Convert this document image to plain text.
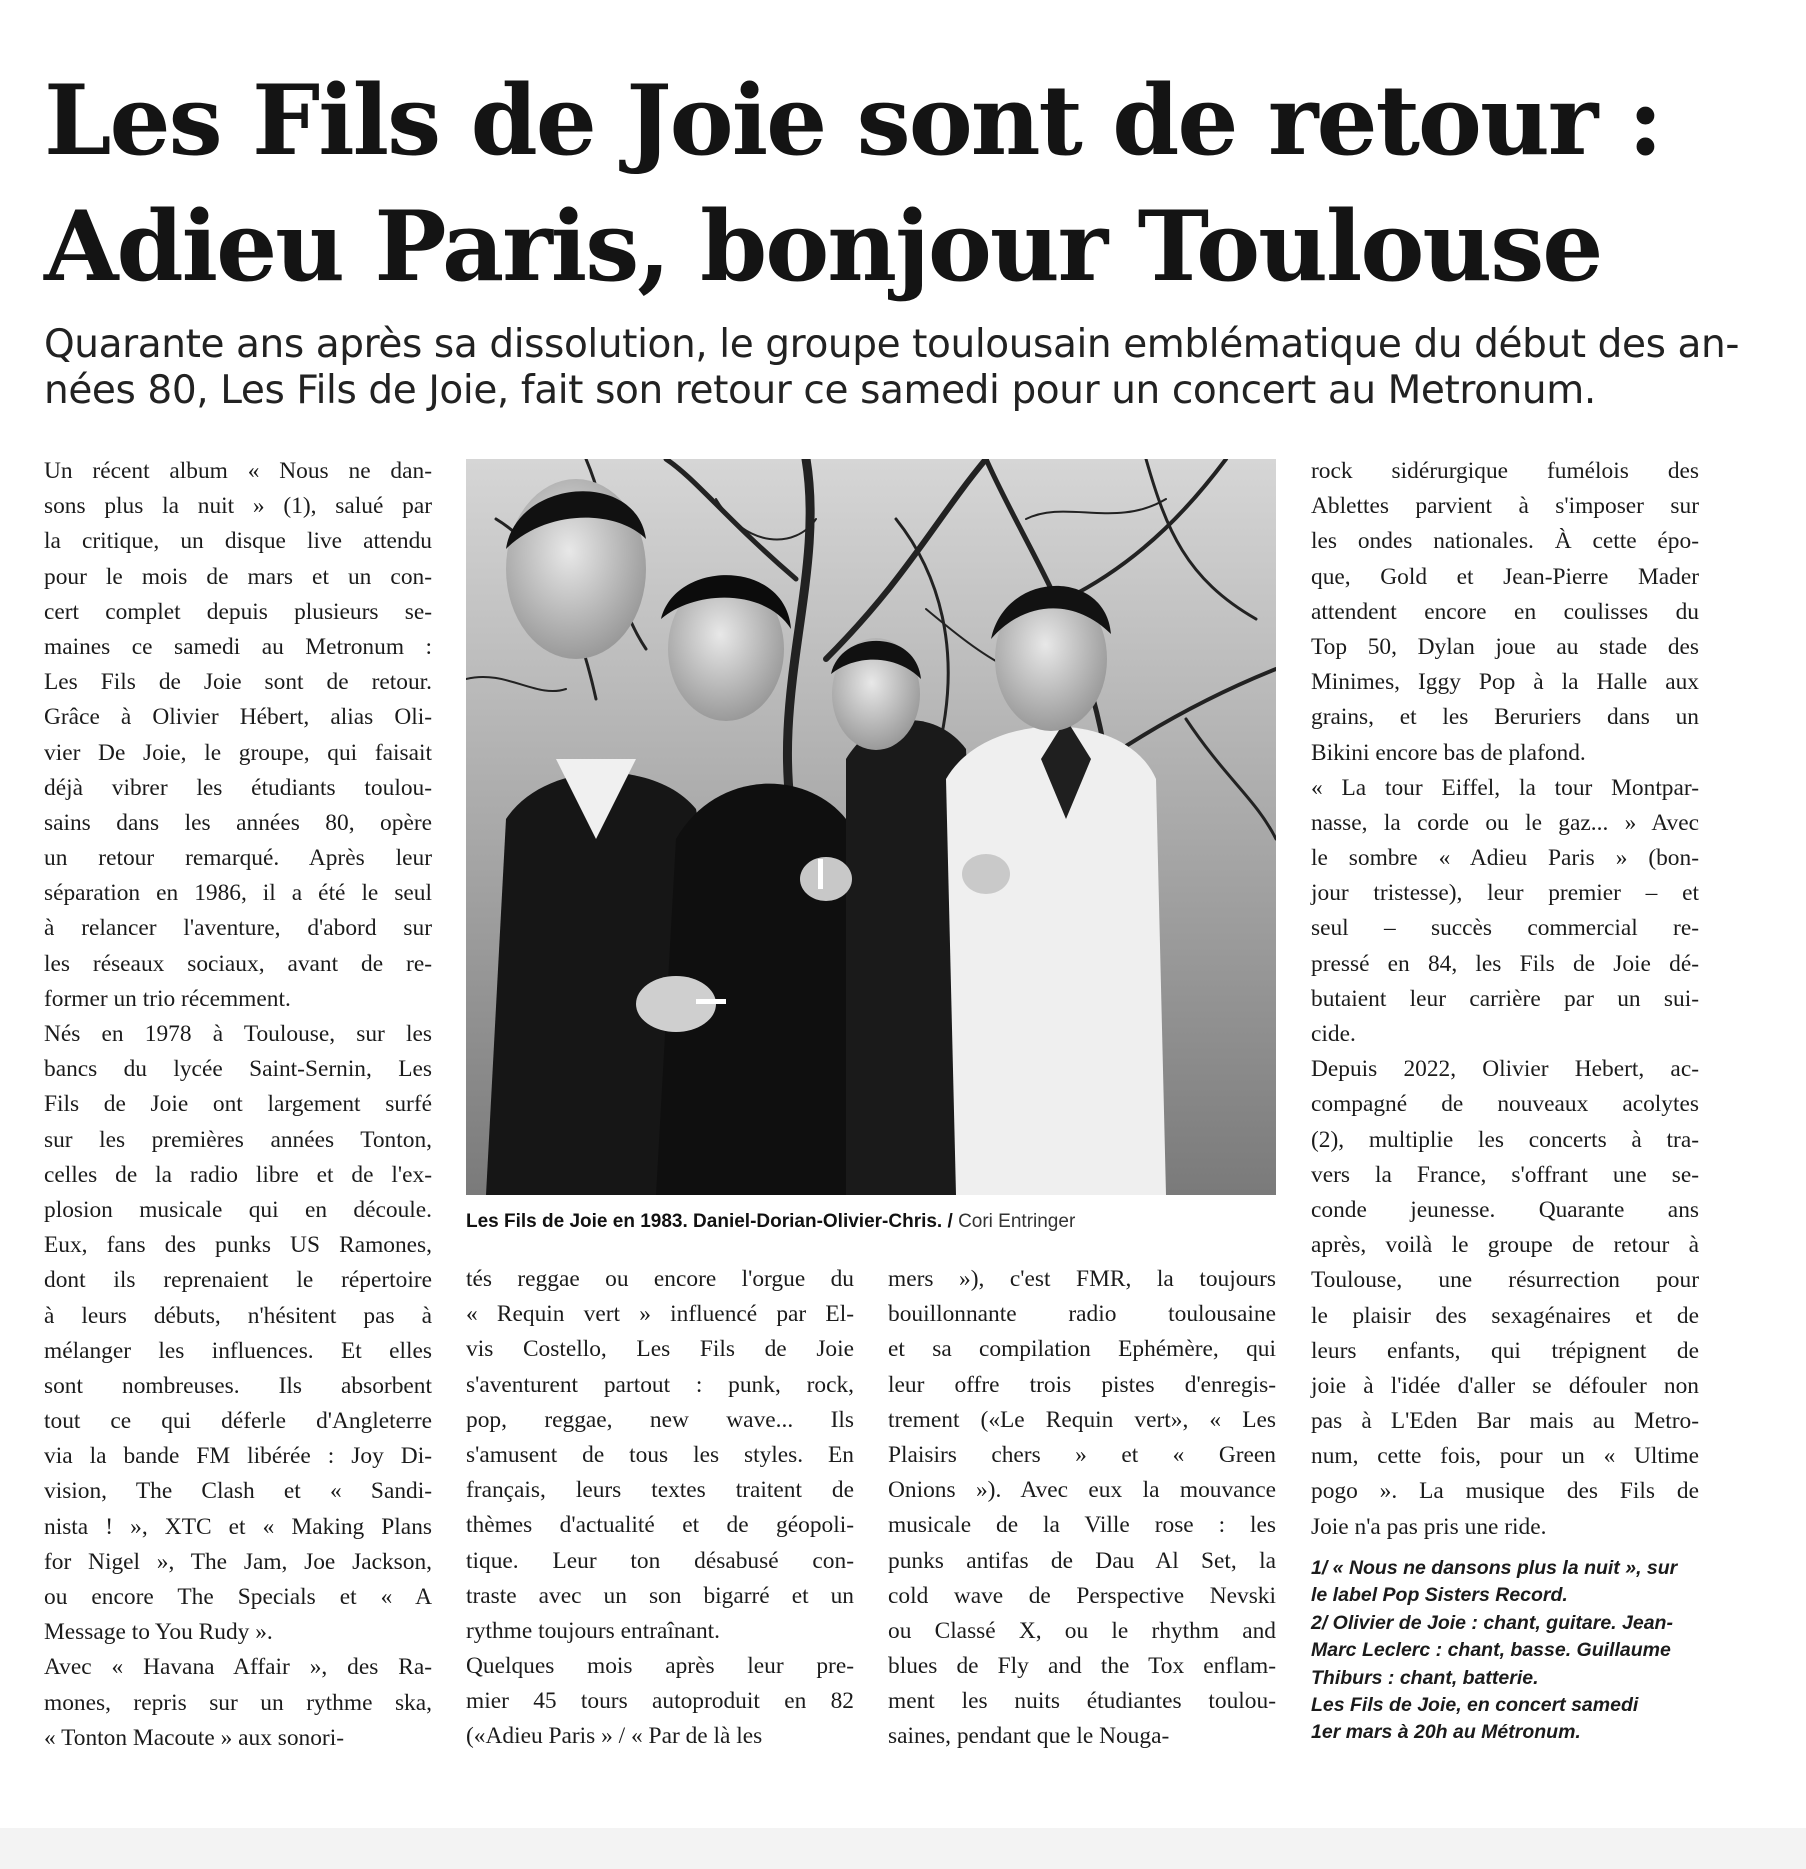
Les Fils de Joie sont de retour :
Adieu Paris, bonjour Toulouse

Quarante ans après sa dissolution, le groupe toulousain emblématique du début des an-
nées 80, Les Fils de Joie, fait son retour ce samedi pour un concert au Metronum.

Un récent album « Nous ne dan-
sons plus la nuit » (1), salué par
la critique, un disque live attendu
pour le mois de mars et un con-
cert complet depuis plusieurs se-
maines ce samedi au Metronum :
Les Fils de Joie sont de retour.
Grâce à Olivier Hébert, alias Oli-
vier De Joie, le groupe, qui faisait
déjà vibrer les étudiants toulou-
sains dans les années 80, opère
un retour remarqué. Après leur
séparation en 1986, il a été le seul
à relancer l'aventure, d'abord sur
les réseaux sociaux, avant de re-
former un trio récemment.
Nés en 1978 à Toulouse, sur les
bancs du lycée Saint-Sernin, Les
Fils de Joie ont largement surfé
sur les premières années Tonton,
celles de la radio libre et de l'ex-
plosion musicale qui en découle.
Eux, fans des punks US Ramones,
dont ils reprenaient le répertoire
à leurs débuts, n'hésitent pas à
mélanger les influences. Et elles
sont nombreuses. Ils absorbent
tout ce qui déferle d'Angleterre
via la bande FM libérée : Joy Di-
vision, The Clash et « Sandi-
nista ! », XTC et « Making Plans
for Nigel », The Jam, Joe Jackson,
ou encore The Specials et « A
Message to You Rudy ».
Avec « Havana Affair », des Ra-
mones, repris sur un rythme ska,
« Tonton Macoute » aux sonori-
Les Fils de Joie en 1983. Daniel-Dorian-Olivier-Chris. / Cori Entringer
tés reggae ou encore l'orgue du
« Requin vert » influencé par El-
vis Costello, Les Fils de Joie
s'aventurent partout : punk, rock,
pop, reggae, new wave... Ils
s'amusent de tous les styles. En
français, leurs textes traitent de
thèmes d'actualité et de géopoli-
tique. Leur ton désabusé con-
traste avec un son bigarré et un
rythme toujours entraînant.
Quelques mois après leur pre-
mier 45 tours autoproduit en 82
(«Adieu Paris » / « Par de là les
mers »), c'est FMR, la toujours
bouillonnante radio toulousaine
et sa compilation Ephémère, qui
leur offre trois pistes d'enregis-
trement («Le Requin vert», « Les
Plaisirs chers » et « Green
Onions »). Avec eux la mouvance
musicale de la Ville rose : les
punks antifas de Dau Al Set, la
cold wave de Perspective Nevski
ou Classé X, ou le rhythm and
blues de Fly and the Tox enflam-
ment les nuits étudiantes toulou-
saines, pendant que le Nouga-
rock sidérurgique fumélois des
Ablettes parvient à s'imposer sur
les ondes nationales. À cette épo-
que, Gold et Jean-Pierre Mader
attendent encore en coulisses du
Top 50, Dylan joue au stade des
Minimes, Iggy Pop à la Halle aux
grains, et les Beruriers dans un
Bikini encore bas de plafond.
« La tour Eiffel, la tour Montpar-
nasse, la corde ou le gaz... » Avec
le sombre « Adieu Paris » (bon-
jour tristesse), leur premier – et
seul – succès commercial re-
pressé en 84, les Fils de Joie dé-
butaient leur carrière par un sui-
cide.
Depuis 2022, Olivier Hebert, ac-
compagné de nouveaux acolytes
(2), multiplie les concerts à tra-
vers la France, s'offrant une se-
conde jeunesse. Quarante ans
après, voilà le groupe de retour à
Toulouse, une résurrection pour
le plaisir des sexagénaires et de
leurs enfants, qui trépignent de
joie à l'idée d'aller se défouler non
pas à L'Eden Bar mais au Metro-
num, cette fois, pour un « Ultime
pogo ». La musique des Fils de
Joie n'a pas pris une ride.
1/ « Nous ne dansons plus la nuit », sur
le label Pop Sisters Record.
2/ Olivier de Joie : chant, guitare. Jean-
Marc Leclerc : chant, basse. Guillaume
Thiburs : chant, batterie.
Les Fils de Joie, en concert samedi
1er mars à 20h au Métronum.
